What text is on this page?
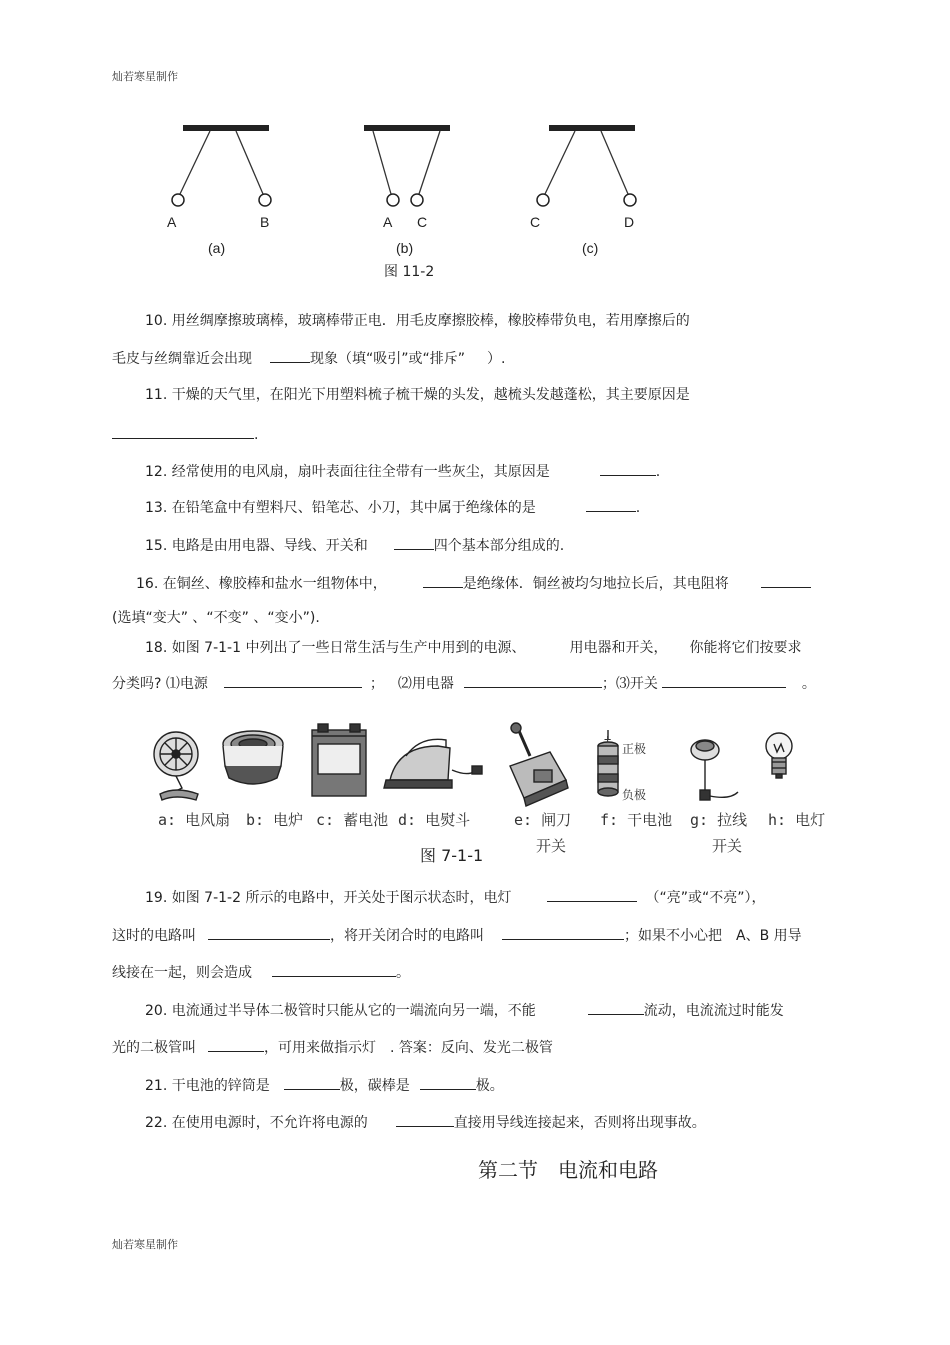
灿若寒星制作
A	B	A C	C	D
(a)	(b)	(c)
图 11-2
10. 用丝绸摩擦玻璃棒，玻璃棒带正电．用毛皮摩擦胶棒，橡胶棒带负电，若用摩擦后的
毛皮与丝绸靠近会出现	现象（填“吸引”或“排斥” ）.
11. 干燥的天气里，在阳光下用塑料梳子梳干燥的头发，越梳头发越蓬松，其主要原因是
.
12. 经常使用的电风扇，扇叶表面往往全带有一些灰尘，其原因是	.
13. 在铅笔盒中有塑料尺、铅笔芯、小刀，其中属于绝缘体的是	.
15. 电路是由用电器、导线、开关和	四个基本部分组成的.
16. 在铜丝、橡胶棒和盐水一组物体中，	是绝缘体．铜丝被均匀地拉长后，其电阻将
(选填“变大” 、“不变” 、“变小”).
18. 如图 7-1-1 中列出了一些日常生活与生产中用到的电源、	用电器和开关， 你能将它们按要求
分类吗? ⑴电源	； ⑵用电器	；⑶开关	。
+
正极
负极
a: 电风扇 b: 电炉 c: 蓄电池 d: 电熨斗	e: 闸刀
开关
f: 干电池 g: 拉线
开关
h: 电灯
图 7-1-1
19. 如图 7-1-2 所示的电路中，开关处于图示状态时，电灯	（“亮”或“不亮”），
这时的电路叫	，将开关闭合时的电路叫	；如果不小心把 A、B 用导
线接在一起，则会造成	。
20. 电流通过半导体二极管时只能从它的一端流向另一端，不能	流动，电流流过时能发
光的二极管叫	，可用来做指示灯 . 答案：反向、发光二极管
21. 干电池的锌筒是	极，碳棒是	极。
22. 在使用电源时，不允许将电源的	直接用导线连接起来，否则将出现事故。
第二节　电流和电路
灿若寒星制作
